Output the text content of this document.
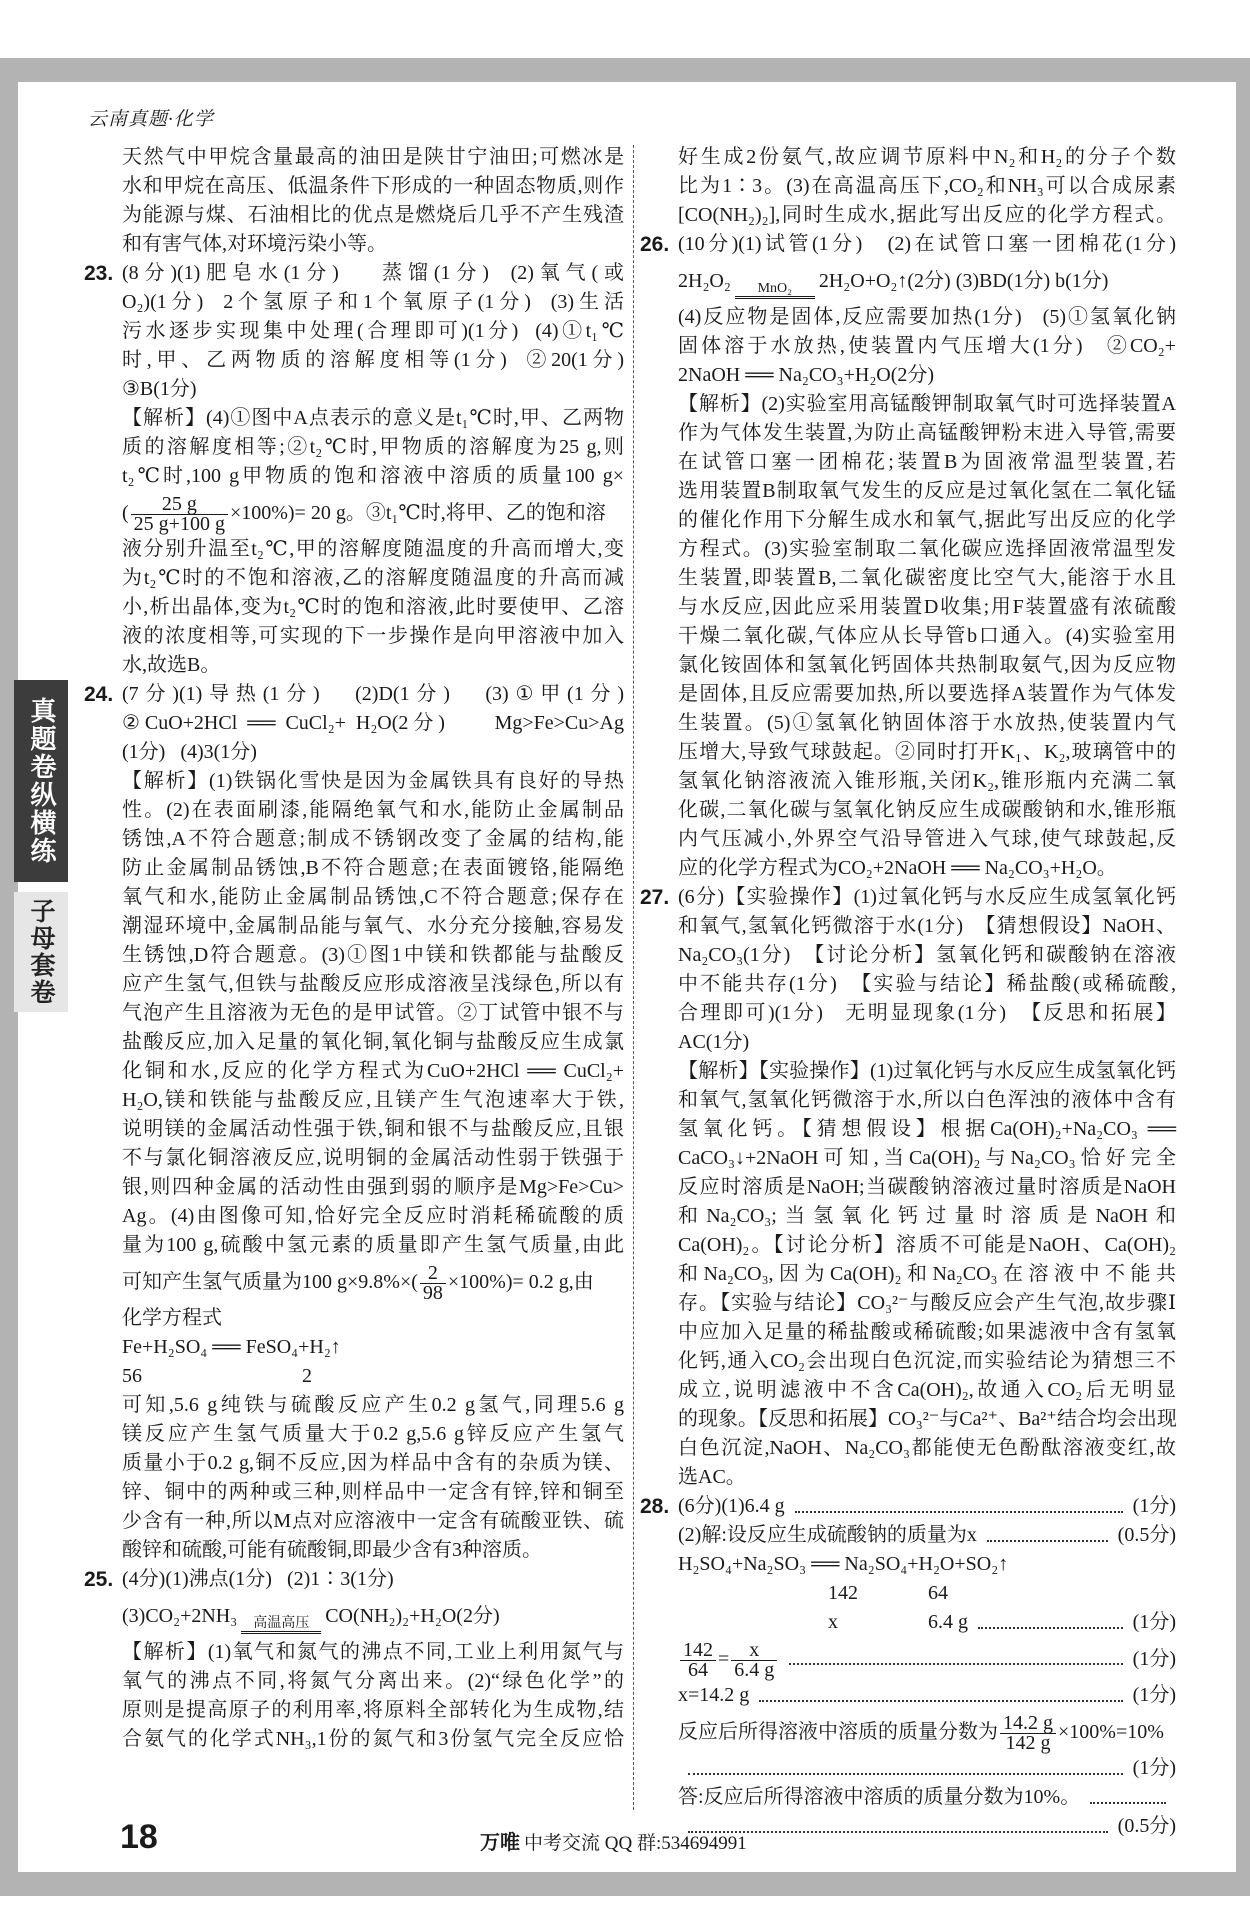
云南真题·化学
真题卷纵横练
子母套卷
天然气中甲烷含量最高的油田是陕甘宁油田;可燃冰是
水和甲烷在高压、低温条件下形成的一种固态物质,则作
为能源与煤、石油相比的优点是燃烧后几乎不产生残渣
和有害气体,对环境污染小等。
23. (8分)(1)肥皂水(1分)    蒸馏(1分)  (2)氧气(或
O₂)(1分)  2个氢原子和1个氧原子(1分)  (3)生活
污水逐步实现集中处理(合理即可)(1分)  (4)①t₁℃
时,甲、乙两物质的溶解度相等(1分)  ②20(1分)
③B(1分)
【解析】(4)①图中A点表示的意义是t₁℃时,甲、乙两物
质的溶解度相等;②t₂℃时,甲物质的溶解度为25 g,则
t₂℃时,100 g甲物质的饱和溶液中溶质的质量100 g×
( $\frac{25 g}{25 g+100 g} \times 100\%)= 20$ g。③t₁℃时,将甲、乙的饱和溶
液分别升温至t₂℃,甲的溶解度随温度的升高而增大,变
为t₂℃时的不饱和溶液,乙的溶解度随温度的升高而减
小,析出晶体,变为t₂℃时的饱和溶液,此时要使甲、乙溶
液的浓度相等,可实现的下一步操作是向甲溶液中加入
水,故选B。
24. (7分)(1)导热(1分)   (2)D(1分)   (3)①甲(1分)
②CuO+2HCl ══ CuCl₂+ H₂O(2分)     Mg>Fe>Cu>Ag
(1分)   (4)3(1分)
【解析】(1)铁锅化雪快是因为金属铁具有良好的导热
性。(2)在表面刷漆,能隔绝氧气和水,能防止金属制品
锈蚀,A不符合题意;制成不锈钢改变了金属的结构,能
防止金属制品锈蚀,B不符合题意;在表面镀铬,能隔绝
氧气和水,能防止金属制品锈蚀,C不符合题意;保存在
潮湿环境中,金属制品能与氧气、水分充分接触,容易发
生锈蚀,D符合题意。(3)①图1中镁和铁都能与盐酸反
应产生氢气,但铁与盐酸反应形成溶液呈浅绿色,所以有
气泡产生且溶液为无色的是甲试管。②丁试管中银不与
盐酸反应,加入足量的氧化铜,氧化铜与盐酸反应生成氯
化铜和水,反应的化学方程式为CuO+2HCl ══ CuCl₂+
H₂O,镁和铁能与盐酸反应,且镁产生气泡速率大于铁,
说明镁的金属活动性强于铁,铜和银不与盐酸反应,且银
不与氯化铜溶液反应,说明铜的金属活动性弱于铁强于
银,则四种金属的活动性由强到弱的顺序是Mg>Fe>Cu>
Ag。(4)由图像可知,恰好完全反应时消耗稀硫酸的质
量为100 g,硫酸中氢元素的质量即产生氢气质量,由此
可知产生氢气质量为100 $g\times 9.8\%\times( \frac{2}{98} \times 100\%)= 0.2$ g,由
化学方程式
Fe+H₂SO₄ ══ FeSO₄+H₂↑
56                                2
可知,5.6 g纯铁与硫酸反应产生0.2 g氢气,同理5.6 g
镁反应产生氢气质量大于0.2 g,5.6 g锌反应产生氢气
质量小于0.2 g,铜不反应,因为样品中含有的杂质为镁、
锌、铜中的两种或三种,则样品中一定含有锌,锌和铜至
少含有一种,所以M点对应溶液中一定含有硫酸亚铁、硫
酸锌和硫酸,可能有硫酸铜,即最少含有3种溶质。
25. (4分)(1)沸点(1分)   (2)1∶3(1分)
(3)CO₂+2NH₃	高温高压 CO(NH₂)₂+H₂O(2分)
【解析】(1)氧气和氮气的沸点不同,工业上利用氮气与
氧气的沸点不同,将氮气分离出来。(2)“绿色化学”的
原则是提高原子的利用率,将原料全部转化为生成物,结
合氨气的化学式NH₃,1份的氮气和3份氢气完全反应恰
好生成2份氨气,故应调节原料中N₂和H₂的分子个数
比为1∶3。(3)在高温高压下,CO₂和NH₃可以合成尿素
[CO(NH₂)₂],同时生成水,据此写出反应的化学方程式。
26. (10分)(1)试管(1分)   (2)在试管口塞一团棉花(1分)
2H₂O₂	MnO₂	2H₂O+O₂↑(2分) (3)BD(1分) b(1分)
(4)反应物是固体,反应需要加热(1分)   (5)①氢氧化钠
固体溶于水放热,使装置内气压增大(1分)   ②CO₂+
2NaOH ══ Na₂CO₃+H₂O(2分)
【解析】(2)实验室用高锰酸钾制取氧气时可选择装置A
作为气体发生装置,为防止高锰酸钾粉末进入导管,需要
在试管口塞一团棉花;装置B为固液常温型装置,若
选用装置B制取氧气发生的反应是过氧化氢在二氧化锰
的催化作用下分解生成水和氧气,据此写出反应的化学
方程式。(3)实验室制取二氧化碳应选择固液常温型发
生装置,即装置B,二氧化碳密度比空气大,能溶于水且
与水反应,因此应采用装置D收集;用F装置盛有浓硫酸
干燥二氧化碳,气体应从长导管b口通入。(4)实验室用
氯化铵固体和氢氧化钙固体共热制取氨气,因为反应物
是固体,且反应需要加热,所以要选择A装置作为气体发
生装置。(5)①氢氧化钠固体溶于水放热,使装置内气
压增大,导致气球鼓起。②同时打开K₁、K₂,玻璃管中的
氢氧化钠溶液流入锥形瓶,关闭K₂,锥形瓶内充满二氧
化碳,二氧化碳与氢氧化钠反应生成碳酸钠和水,锥形瓶
内气压减小,外界空气沿导管进入气球,使气球鼓起,反
应的化学方程式为CO₂+2NaOH ══ Na₂CO₃+H₂O。
27. (6分)【实验操作】(1)过氧化钙与水反应生成氢氧化钙
和氧气,氢氧化钙微溶于水(1分)  【猜想假设】NaOH、
Na₂CO₃(1分)  【讨论分析】氢氧化钙和碳酸钠在溶液
中不能共存(1分)  【实验与结论】稀盐酸(或稀硫酸,
合理即可)(1分)   无明显现象(1分)  【反思和拓展】
AC(1分)
【解析】【实验操作】(1)过氧化钙与水反应生成氢氧化钙
和氧气,氢氧化钙微溶于水,所以白色浑浊的液体中含有
氢氧化钙。【猜想假设】根据Ca(OH)₂+Na₂CO₃ ══
CaCO₃↓+2NaOH可知,当Ca(OH)₂与Na₂CO₃恰好完全
反应时溶质是NaOH;当碳酸钠溶液过量时溶质是NaOH
和Na₂CO₃;当氢氧化钙过量时溶质是NaOH和
Ca(OH)₂。【讨论分析】溶质不可能是NaOH、Ca(OH)₂
和Na₂CO₃,因为Ca(OH)₂和Na₂CO₃在溶液中不能共
存。【实验与结论】CO₃²⁻与酸反应会产生气泡,故步骤Ⅰ
中应加入足量的稀盐酸或稀硫酸;如果滤液中含有氢氧
化钙,通入CO₂会出现白色沉淀,而实验结论为猜想三不
成立,说明滤液中不含Ca(OH)₂,故通入CO₂后无明显
的现象。【反思和拓展】CO₃²⁻与Ca²⁺、Ba²⁺结合均会出现
白色沉淀,NaOH、Na₂CO₃都能使无色酚酞溶液变红,故
选AC。
28. (6分)(1)6.4 g	(1分)
(2)解:设反应生成硫酸钠的质量为x	(0.5分)
H₂SO₄+Na₂SO₃ ══ Na₂SO₄+H₂O+SO₂↑
142              64
x                  6.4 g	(1分)
$\frac{142}{64} = \frac{x}{6.4 g}$	(1分)
x=14.2 g	(1分)
反应后所得溶液中溶质的质量分数为 $\frac{14.2 g}{142 g} \times 100\%=10\%$
(1分)
答:反应后所得溶液中溶质的质量分数为10%。
(0.5分)
18	万唯 中考交流 QQ 群:534694991
